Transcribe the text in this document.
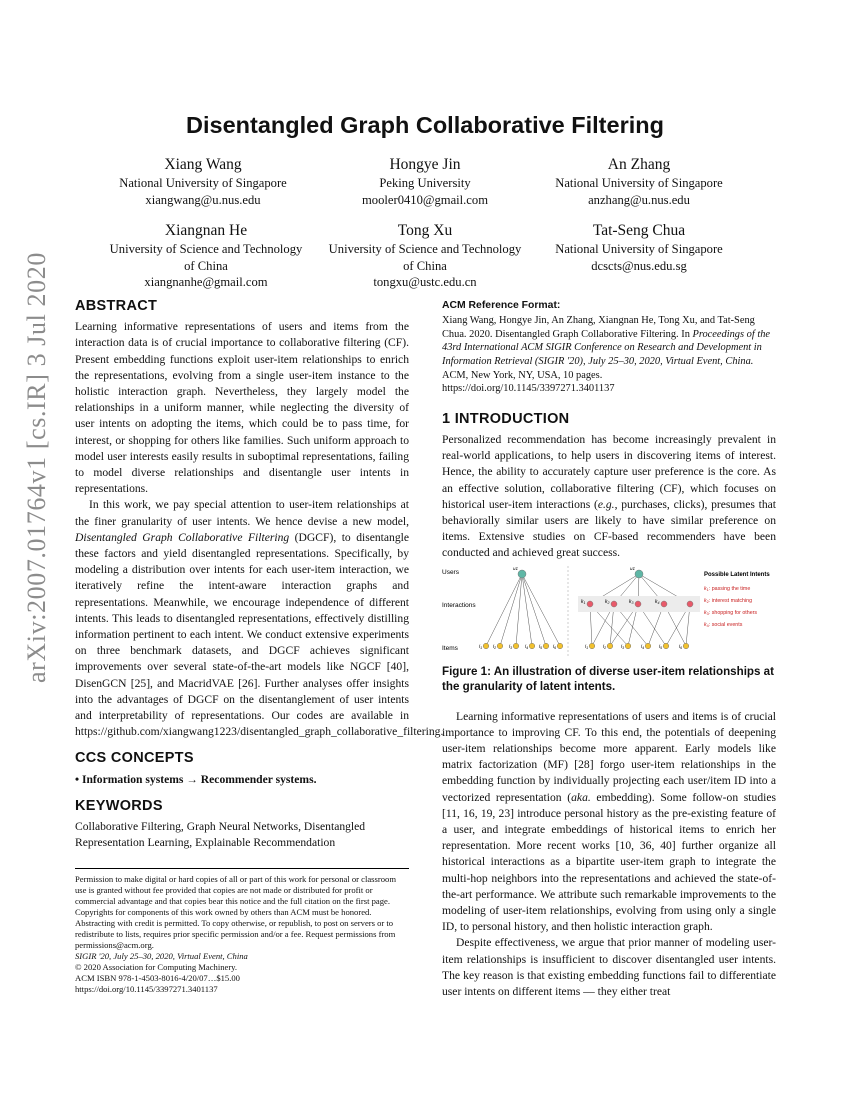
arXiv:2007.01764v1 [cs.IR] 3 Jul 2020
Disentangled Graph Collaborative Filtering
Xiang Wang
National University of Singapore
xiangwang@u.nus.edu
Hongye Jin
Peking University
mooler0410@gmail.com
An Zhang
National University of Singapore
anzhang@u.nus.edu
Xiangnan He
University of Science and Technology of China
xiangnanhe@gmail.com
Tong Xu
University of Science and Technology of China
tongxu@ustc.edu.cn
Tat-Seng Chua
National University of Singapore
dcscts@nus.edu.sg
ABSTRACT

Learning informative representations of users and items from the interaction data is of crucial importance to collaborative filtering (CF). Present embedding functions exploit user-item relationships to enrich the representations, evolving from a single user-item instance to the holistic interaction graph. Nevertheless, they largely model the relationships in a uniform manner, while neglecting the diversity of user intents on adopting the items, which could be to pass time, for interest, or shopping for others like families. Such uniform approach to model user interests easily results in suboptimal representations, failing to model diverse relationships and disentangle user intents in representations.

In this work, we pay special attention to user-item relationships at the finer granularity of user intents. We hence devise a new model, Disentangled Graph Collaborative Filtering (DGCF), to disentangle these factors and yield disentangled representations. Specifically, by modeling a distribution over intents for each user-item interaction, we iteratively refine the intent-aware interaction graphs and representations. Meanwhile, we encourage independence of different intents. This leads to disentangled representations, effectively distilling information pertinent to each intent. We conduct extensive experiments on three benchmark datasets, and DGCF achieves significant improvements over several state-of-the-art models like NGCF [40], DisenGCN [25], and MacridVAE [26]. Further analyses offer insights into the advantages of DGCF on the disentanglement of user intents and interpretability of representations. Our codes are available in https://github.com/xiangwang1223/disentangled_graph_collaborative_filtering.

CCS CONCEPTS

• Information systems → Recommender systems.

KEYWORDS

Collaborative Filtering, Graph Neural Networks, Disentangled Representation Learning, Explainable Recommendation

Permission to make digital or hard copies of all or part of this work for personal or classroom use is granted without fee provided that copies are not made or distributed for profit or commercial advantage and that copies bear this notice and the full citation on the first page. Copyrights for components of this work owned by others than ACM must be honored. Abstracting with credit is permitted. To copy otherwise, or republish, to post on servers or to redistribute to lists, requires prior specific permission and/or a fee. Request permissions from permissions@acm.org.
SIGIR '20, July 25–30, 2020, Virtual Event, China
© 2020 Association for Computing Machinery.
ACM ISBN 978-1-4503-8016-4/20/07…$15.00
https://doi.org/10.1145/3397271.3401137
ACM Reference Format:

Xiang Wang, Hongye Jin, An Zhang, Xiangnan He, Tong Xu, and Tat-Seng Chua. 2020. Disentangled Graph Collaborative Filtering. In Proceedings of the 43rd International ACM SIGIR Conference on Research and Development in Information Retrieval (SIGIR '20), July 25–30, 2020, Virtual Event, China. ACM, New York, NY, USA, 10 pages. https://doi.org/10.1145/3397271.3401137

1 INTRODUCTION

Personalized recommendation has become increasingly prevalent in real-world applications, to help users in discovering items of interest. Hence, the ability to accurately capture user preference is the core. As an effective solution, collaborative filtering (CF), which focuses on historical user-item interactions (e.g., purchases, clicks), presumes that behaviorally similar users are likely to have similar preference on items. Extensive studies on CF-based recommenders have been conducted and achieved great success.

Users
Interactions
Items
u1
$i_1$ $i_2$	$i_3$	$i_4$ $i_5$ $i_6$
u1
$k_1$	$k_2$	$k_3$	$k_4$
$i_1$	$i_2$	$i_3$	$i_4$	$i_5$	$i_6$
Possible Latent Intents
k1: passing the time
k2: interest matching
k3: shopping for others
k4: social events

Figure 1: An illustration of diverse user-item relationships at the granularity of latent intents.

Learning informative representations of users and items is of crucial importance to improving CF. To this end, the potentials of deepening user-item relationships become more apparent. Early models like matrix factorization (MF) [28] forgo user-item relationships in the embedding function by individually projecting each user/item ID into a vectorized representation (aka. embedding). Some follow-on studies [11, 16, 19, 23] introduce personal history as the pre-existing feature of a user, and integrate embeddings of historical items to enrich her representation. More recent works [10, 36, 40] further organize all historical interactions as a bipartite user-item graph to integrate the multi-hop neighbors into the representations and achieved the state-of-the-art performance. We attribute such remarkable improvements to the modeling of user-item relationships, evolving from using only a single ID, to personal history, and then holistic interaction graph.

Despite effectiveness, we argue that prior manner of modeling user-item relationships is insufficient to discover disentangled user intents. The key reason is that existing embedding functions fail to differentiate user intents on different items — they either treat
